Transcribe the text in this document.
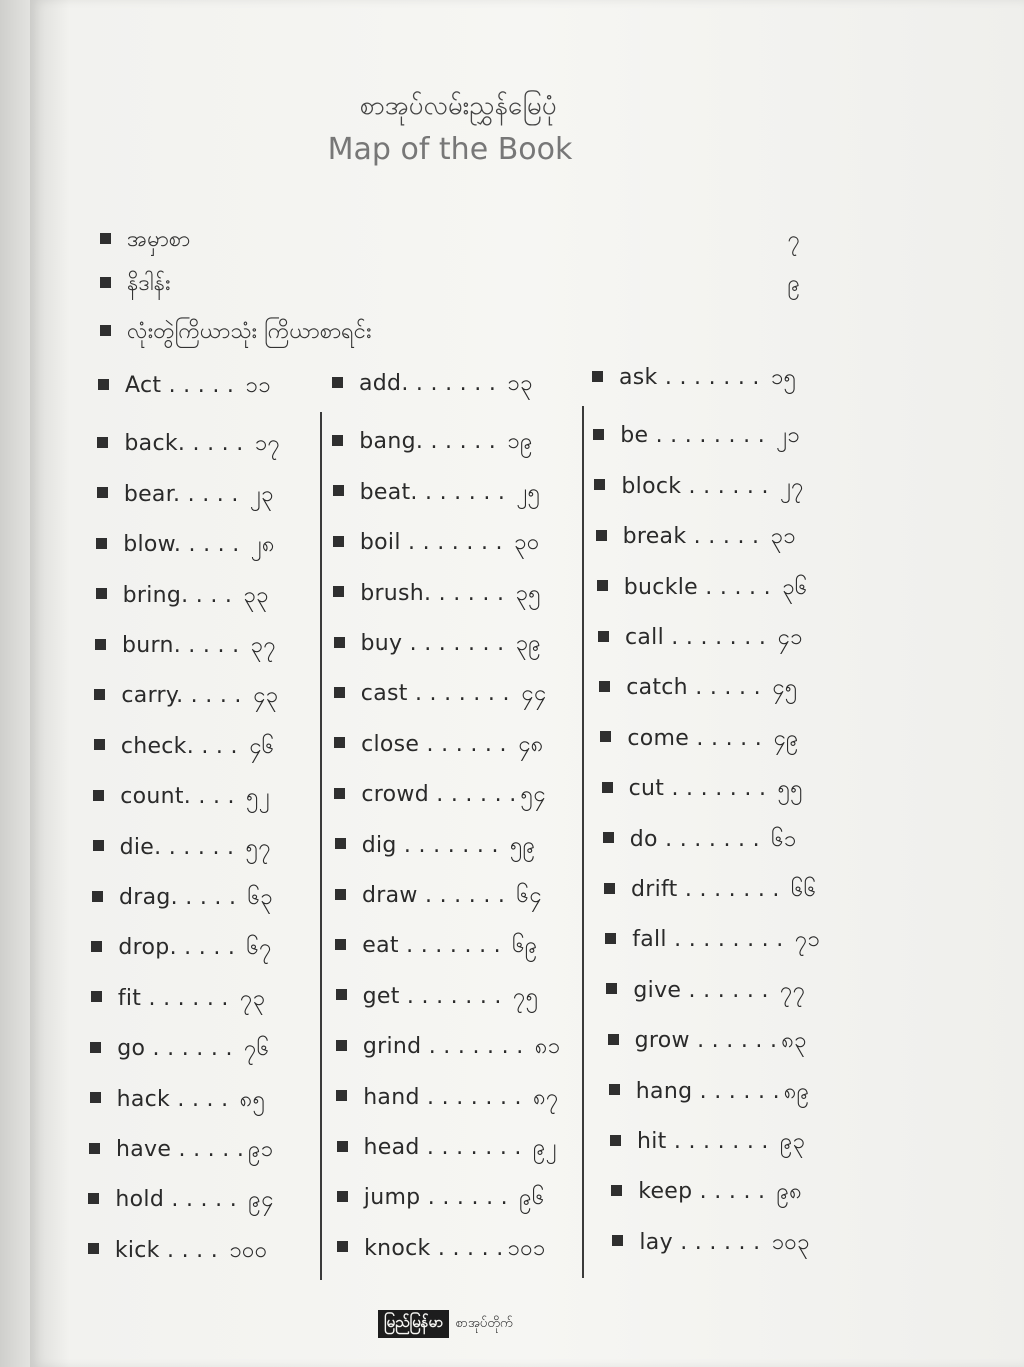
စာအုပ်လမ်းညွှန်မြေပုံ
Map of the Book
အမှာစာ	၇
နိဒါန်း	၉
လုံးတွဲကြိယာသုံး ကြိယာစာရင်း
Act . . . . . ၁၁
back. . . . . ၁၇
bear. . . . . ၂၃
blow. . . . . ၂၈
bring. . . . ၃၃
burn. . . . . ၃၇
carry. . . . . ၄၃
check. . . . ၄၆
count. . . . ၅၂
die. . . . . . ၅၇
drag. . . . . ၆၃
drop. . . . . ၆၇
fit . . . . . . ၇၃
go . . . . . . ၇၆
hack . . . . ၈၅
have . . . . . ၉၁
hold . . . . . ၉၄
kick . . . . ၁၀၀
add. . . . . . . ၁၃
bang. . . . . . ၁၉
beat. . . . . . . ၂၅
boil . . . . . . . ၃၀
brush. . . . . . ၃၅
buy . . . . . . . ၃၉
cast . . . . . . . ၄၄
close . . . . . . ၄၈
crowd . . . . . . ၅၄
dig . . . . . . . ၅၉
draw . . . . . . ၆၄
eat . . . . . . . ၆၉
get . . . . . . . ၇၅
grind . . . . . . . ၈၁
hand . . . . . . . ၈၇
head . . . . . . . ၉၂
jump . . . . . . ၉၆
knock . . . . . ၁၀၁
ask . . . . . . . ၁၅
be . . . . . . . . ၂၁
block . . . . . . ၂၇
break . . . . . ၃၁
buckle . . . . . ၃၆
call . . . . . . . ၄၁
catch . . . . . ၄၅
come . . . . . ၄၉
cut . . . . . . . ၅၅
do . . . . . . . ၆၁
drift . . . . . . . ၆၆
fall . . . . . . . . ၇၁
give . . . . . . ၇၇
grow . . . . . . ၈၃
hang . . . . . . ၈၉
hit . . . . . . . ၉၃
keep . . . . . ၉၈
lay . . . . . . ၁၀၃
မြည်မြန်မာ စာအုပ်တိုက်
